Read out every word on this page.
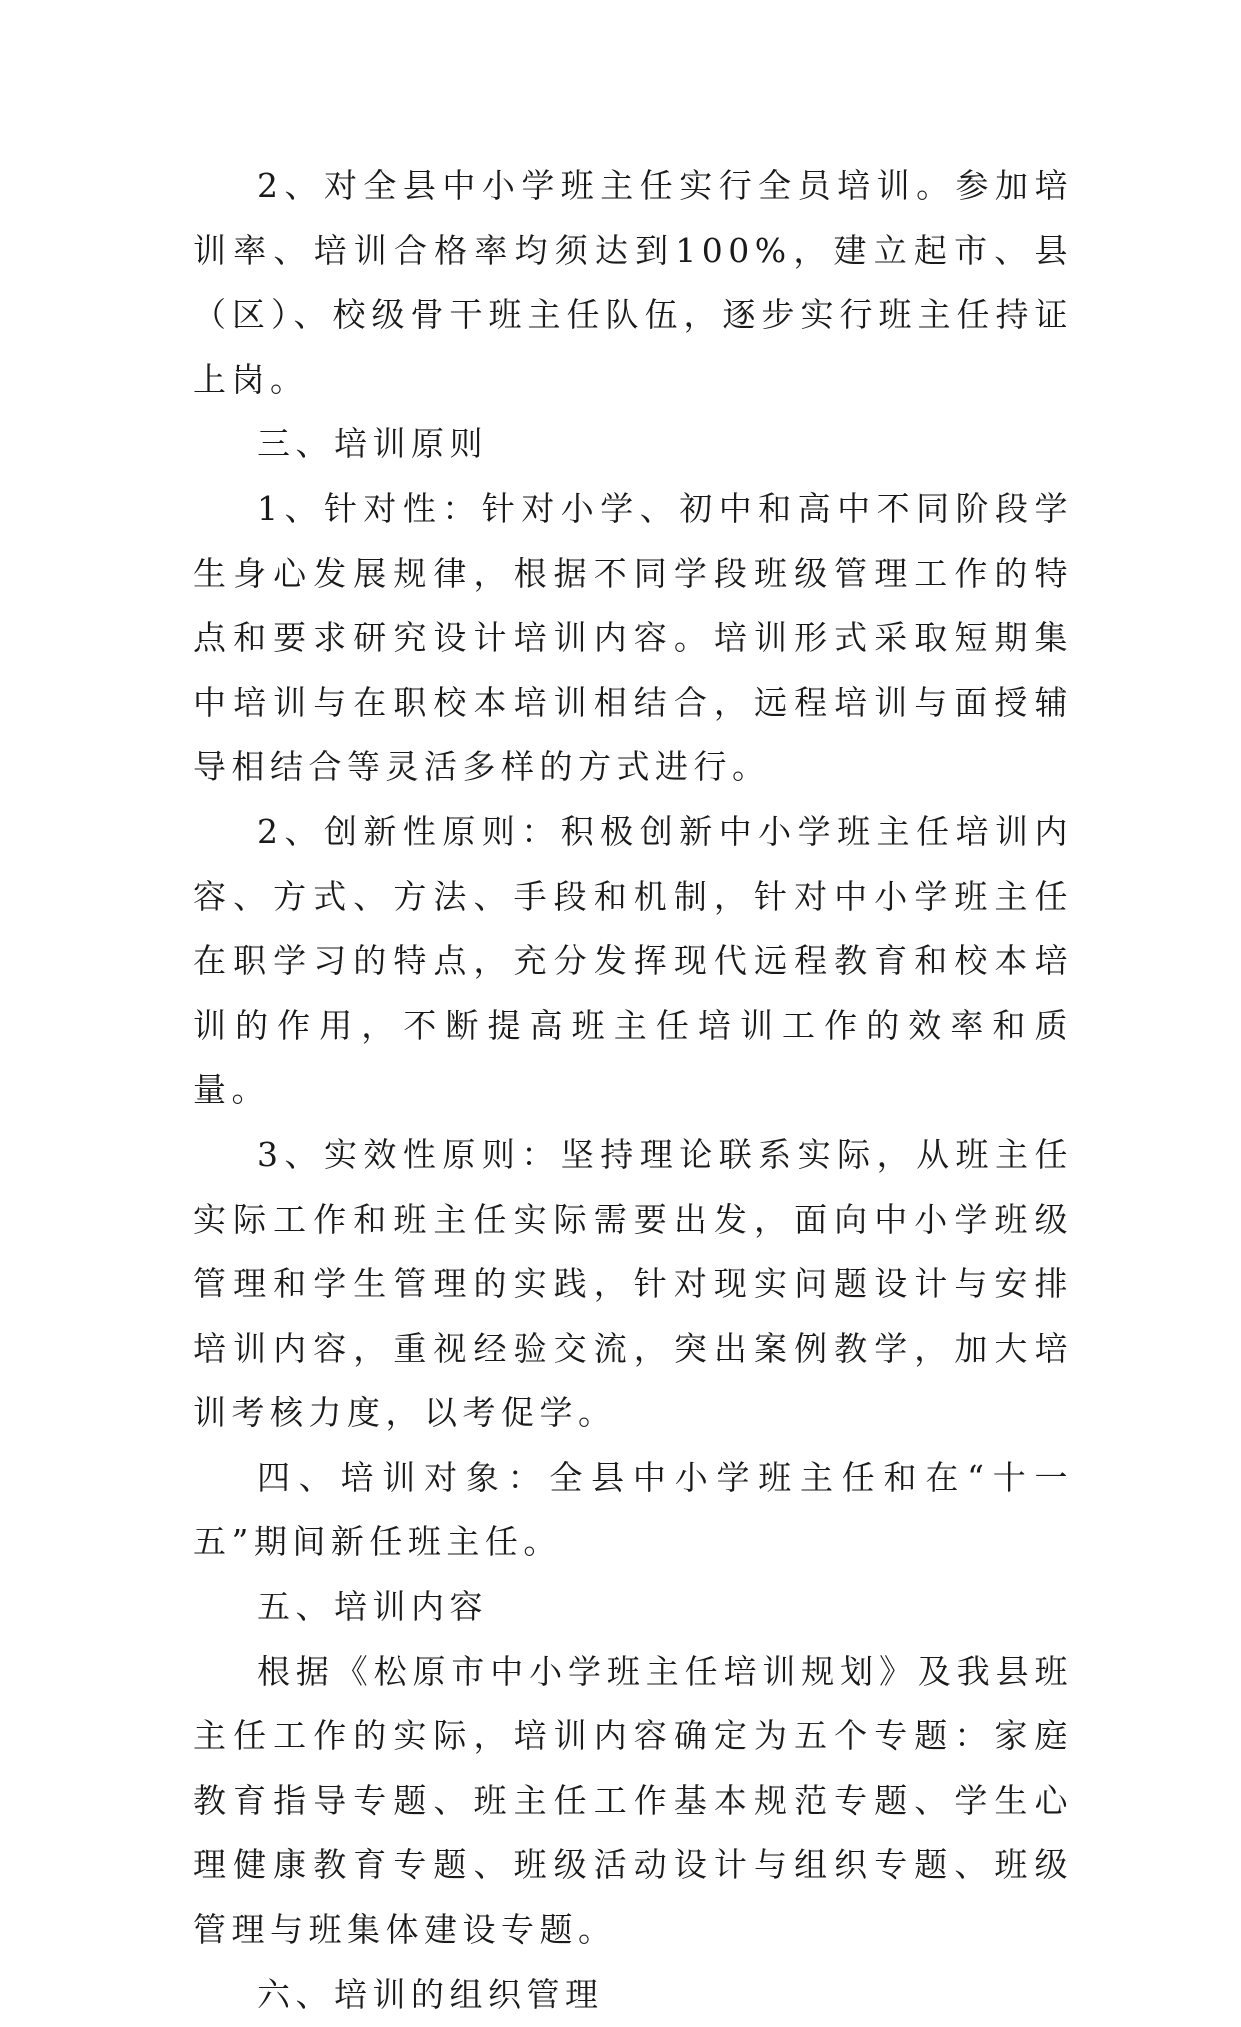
2、对全县中小学班主任实行全员培训。参加培训率、培训合格率均须达到100%，建立起市、县（区）、校级骨干班主任队伍，逐步实行班主任持证上岗。

三、培训原则

1、针对性：针对小学、初中和高中不同阶段学生身心发展规律，根据不同学段班级管理工作的特点和要求研究设计培训内容。培训形式采取短期集中培训与在职校本培训相结合，远程培训与面授辅导相结合等灵活多样的方式进行。

2、创新性原则：积极创新中小学班主任培训内容、方式、方法、手段和机制，针对中小学班主任在职学习的特点，充分发挥现代远程教育和校本培训的作用，不断提高班主任培训工作的效率和质量。

3、实效性原则：坚持理论联系实际，从班主任实际工作和班主任实际需要出发，面向中小学班级管理和学生管理的实践，针对现实问题设计与安排培训内容，重视经验交流，突出案例教学，加大培训考核力度，以考促学。

四、培训对象：全县中小学班主任和在“十一五”期间新任班主任。

五、培训内容

根据《松原市中小学班主任培训规划》及我县班主任工作的实际，培训内容确定为五个专题：家庭教育指导专题、班主任工作基本规范专题、学生心理健康教育专题、班级活动设计与组织专题、班级管理与班集体建设专题。

六、培训的组织管理
